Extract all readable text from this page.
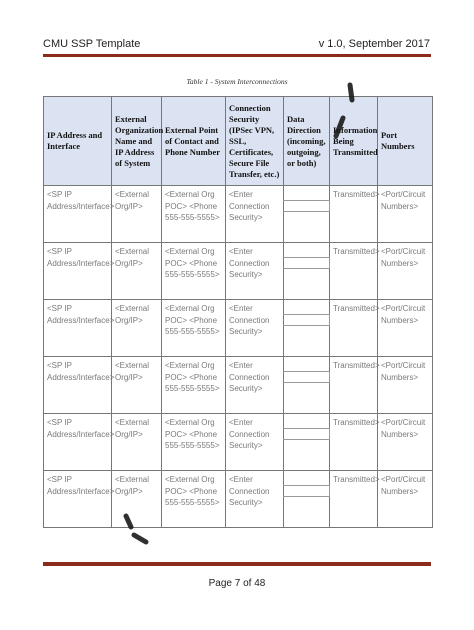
CMU SSP Template	v 1.0, September 2017
Table 1 - System Interconnections
IP Address and Interface	External Organization Name and IP Address of System	External Point of Contact and Phone Number	Connection Security (IPSec VPN, SSL, Certificates, Secure File Transfer, etc.)	Data Direction (incoming, outgoing, or both)	Information Being Transmitted	Port Numbers
<SP IP Address/Interface>	<External Org/IP>	<External Org POC> <Phone 555-555-5555>	<Enter Connection Security>		Transmitted>	<Port/Circuit Numbers>
<SP IP Address/Interface>	<External Org/IP>	<External Org POC> <Phone 555-555-5555>	<Enter Connection Security>		Transmitted>	<Port/Circuit Numbers>
<SP IP Address/Interface>	<External Org/IP>	<External Org POC> <Phone 555-555-5555>	<Enter Connection Security>		Transmitted>	<Port/Circuit Numbers>
<SP IP Address/Interface>	<External Org/IP>	<External Org POC> <Phone 555-555-5555>	<Enter Connection Security>		Transmitted>	<Port/Circuit Numbers>
<SP IP Address/Interface>	<External Org/IP>	<External Org POC> <Phone 555-555-5555>	<Enter Connection Security>		Transmitted>	<Port/Circuit Numbers>
<SP IP Address/Interface>	<External Org/IP>	<External Org POC> <Phone 555-555-5555>	<Enter Connection Security>		Transmitted>	<Port/Circuit Numbers>
Page 7 of 48
